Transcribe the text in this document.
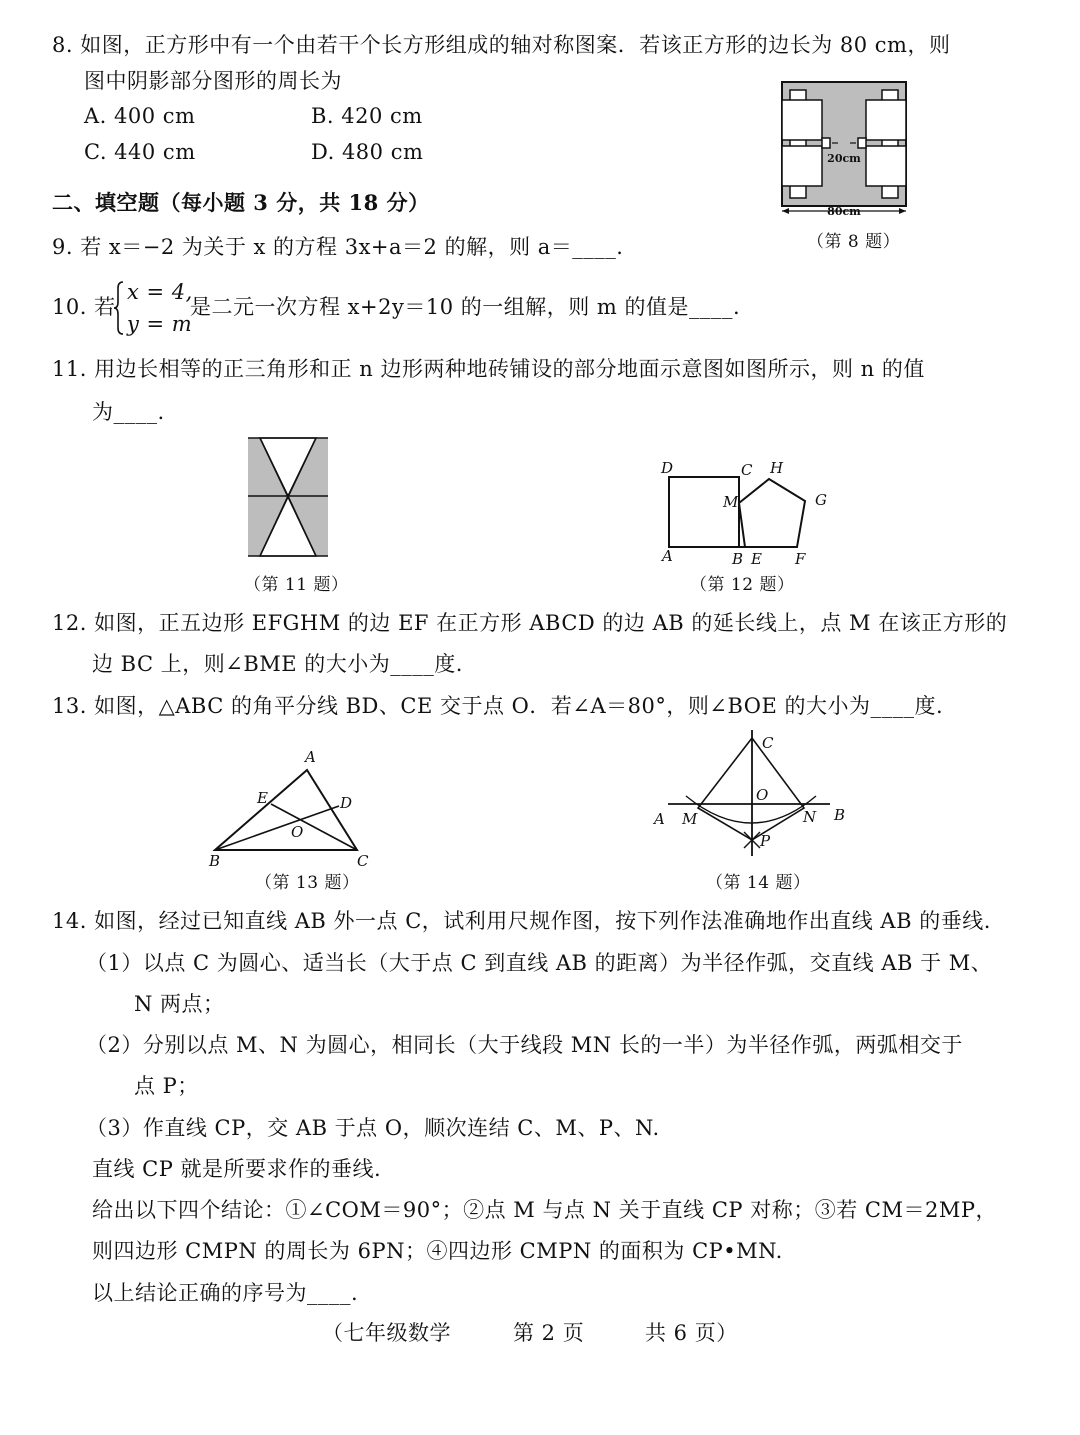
8. 如图，正方形中有一个由若干个长方形组成的轴对称图案．若该正方形的边长为 80 cm，则
图中阴影部分图形的周长为
A. 400 cm	B. 420 cm
C. 440 cm	D. 480 cm	20cm
80cm
（第 8 题）
二、填空题（每小题 3 分，共 18 分）
9. 若 x＝−2 为关于 x 的方程 3x+a＝2 的解，则 a＝____.
10. 若
x = 4,
y = m
是二元一次方程 x+2y＝10 的一组解，则 m 的值是____.
11. 用边长相等的正三角形和正 n 边形两种地砖铺设的部分地面示意图如图所示，则 n 的值
为____.
（第 11 题）
D	C H
M	G
A	B E F
（第 12 题）
12. 如图，正五边形 EFGHM 的边 EF 在正方形 ABCD 的边 AB 的延长线上，点 M 在该正方形的
边 BC 上，则∠BME 的大小为____度.
13. 如图，△ABC 的角平分线 BD、CE 交于点 O．若∠A＝80°，则∠BOE 的大小为____度.
A
E	D
O
B	C
（第 13 题）
C
O
A M	N B
P
（第 14 题）
14. 如图，经过已知直线 AB 外一点 C，试利用尺规作图，按下列作法准确地作出直线 AB 的垂线.
（1）以点 C 为圆心、适当长（大于点 C 到直线 AB 的距离）为半径作弧，交直线 AB 于 M、
N 两点；
（2）分别以点 M、N 为圆心，相同长（大于线段 MN 长的一半）为半径作弧，两弧相交于
点 P；
（3）作直线 CP，交 AB 于点 O，顺次连结 C、M、P、N.
直线 CP 就是所要求作的垂线.
给出以下四个结论：①∠COM＝90°；②点 M 与点 N 关于直线 CP 对称；③若 CM＝2MP，
则四边形 CMPN 的周长为 6PN；④四边形 CMPN 的面积为 CP•MN.
以上结论正确的序号为____.
（七年级数学	第 2 页	共 6 页）
